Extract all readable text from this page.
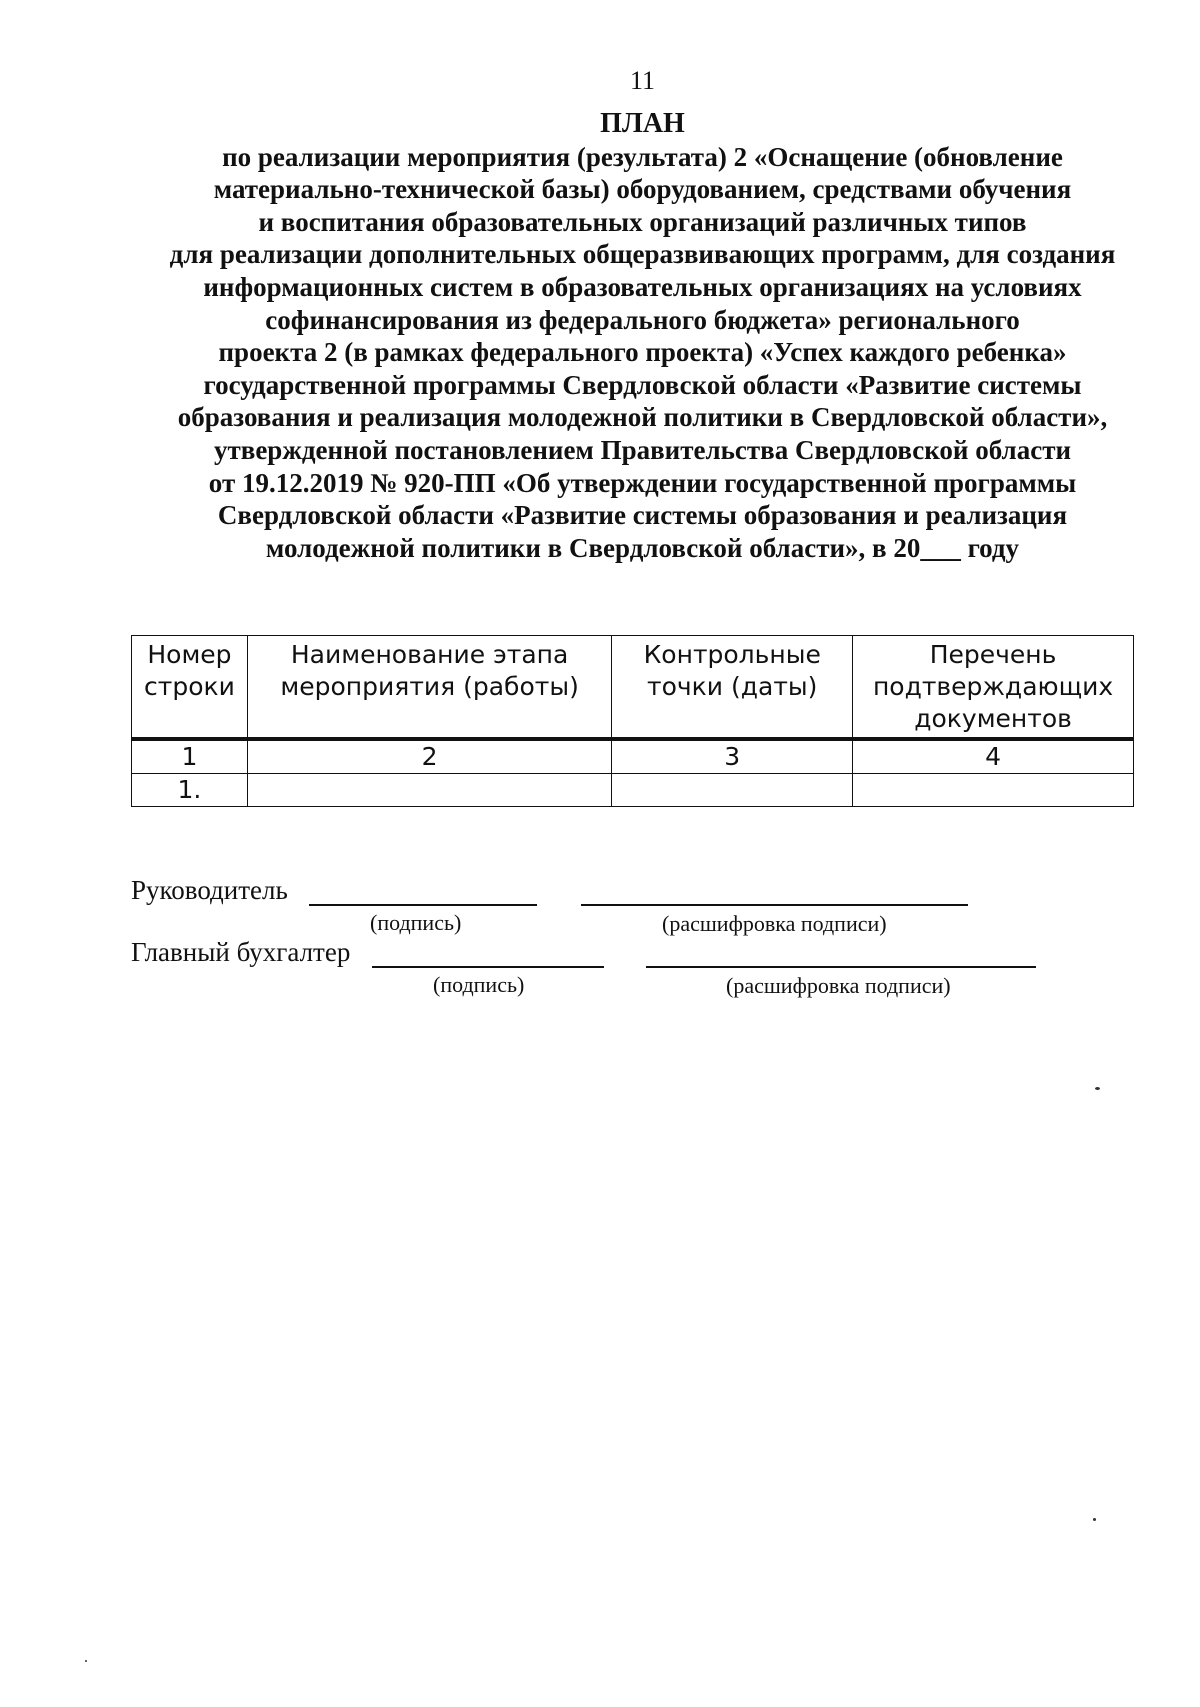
11
ПЛАН
по реализации мероприятия (результата) 2 «Оснащение (обновление
материально-технической базы) оборудованием, средствами обучения
и воспитания образовательных организаций различных типов
для реализации дополнительных общеразвивающих программ, для создания
информационных систем в образовательных организациях на условиях
софинансирования из федерального бюджета» регионального
проекта 2 (в рамках федерального проекта) «Успех каждого ребенка»
государственной программы Свердловской области «Развитие системы
образования и реализация молодежной политики в Свердловской области»,
утвержденной постановлением Правительства Свердловской области
от 19.12.2019 № 920-ПП «Об утверждении государственной программы
Свердловской области «Развитие системы образования и реализация
молодежной политики в Свердловской области», в 20___ году
Номер строки	Наименование этапа мероприятия (работы)	Контрольные точки (даты)	Перечень подтверждающих документов
1	2	3	4
1.			
Руководитель
(подпись)	(расшифровка подписи)
Главный бухгалтер
(подпись)	(расшифровка подписи)
